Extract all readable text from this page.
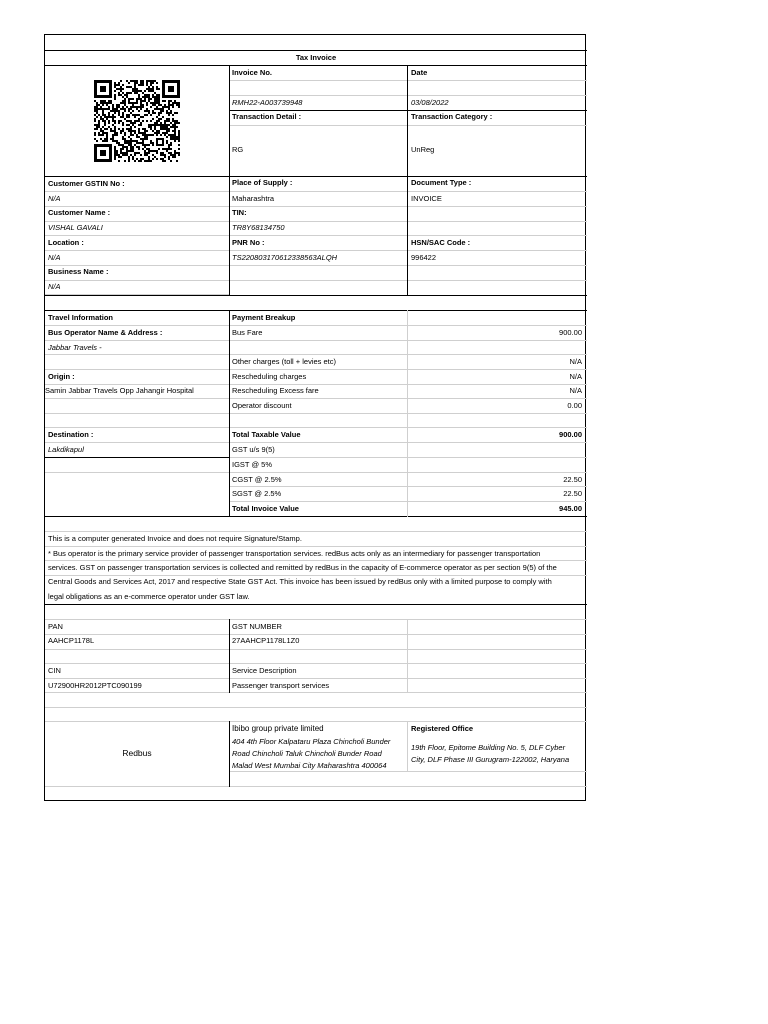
Tax Invoice
Invoice No.	Date
RMH22-A003739948	03/08/2022
Transaction Detail :	Transaction Category :
RG	UnReg
Customer GSTIN No :	Place of Supply :	Document Type :
N/A	Maharashtra	INVOICE
Customer Name :	TIN:
VISHAL GAVALI	TR8Y68134750
Location :	PNR No :	HSN/SAC Code :
N/A	TS220803170612338563ALQH	996422
Business Name :
N/A
Travel Information	Payment Breakup
Bus Operator Name & Address :	Bus Fare	900.00
Jabbar Travels -
Other charges (toll + levies etc)	N/A
Origin :	Rescheduling charges	N/A
Samin Jabbar Travels Opp Jahangir Hospital	Rescheduling Excess fare	N/A
Operator discount	0.00
Destination :	Total Taxable Value	900.00
Lakdikapul	GST u/s 9(5)
IGST @ 5%
CGST @ 2.5%	22.50
SGST @ 2.5%	22.50
Total Invoice Value	945.00
This is a computer generated Invoice and does not require Signature/Stamp.
* Bus operator is the primary service provider of passenger transportation services. redBus acts only as an intermediary for passenger transportation
services. GST on passenger transportation services is collected and remitted by redBus in the capacity of E-commerce operator as per section 9(5) of the
Central Goods and Services Act, 2017 and respective State GST Act. This invoice has been issued by redBus only with a limited purpose to comply with
legal obligations as an e-commerce operator under GST law.
PAN	GST NUMBER
AAHCP1178L	27AAHCP1178L1Z0
CIN	Service Description
U72900HR2012PTC090199	Passenger transport services
Redbus
Ibibo group private limited
404 4th Floor Kalpataru Plaza Chincholi Bunder
Road Chincholi Taluk Chincholi Bunder Road
Malad West Mumbai City Maharashtra 400064
Registered Office
19th Floor, Epitome Building No. 5, DLF Cyber
City, DLF Phase III Gurugram-122002, Haryana
